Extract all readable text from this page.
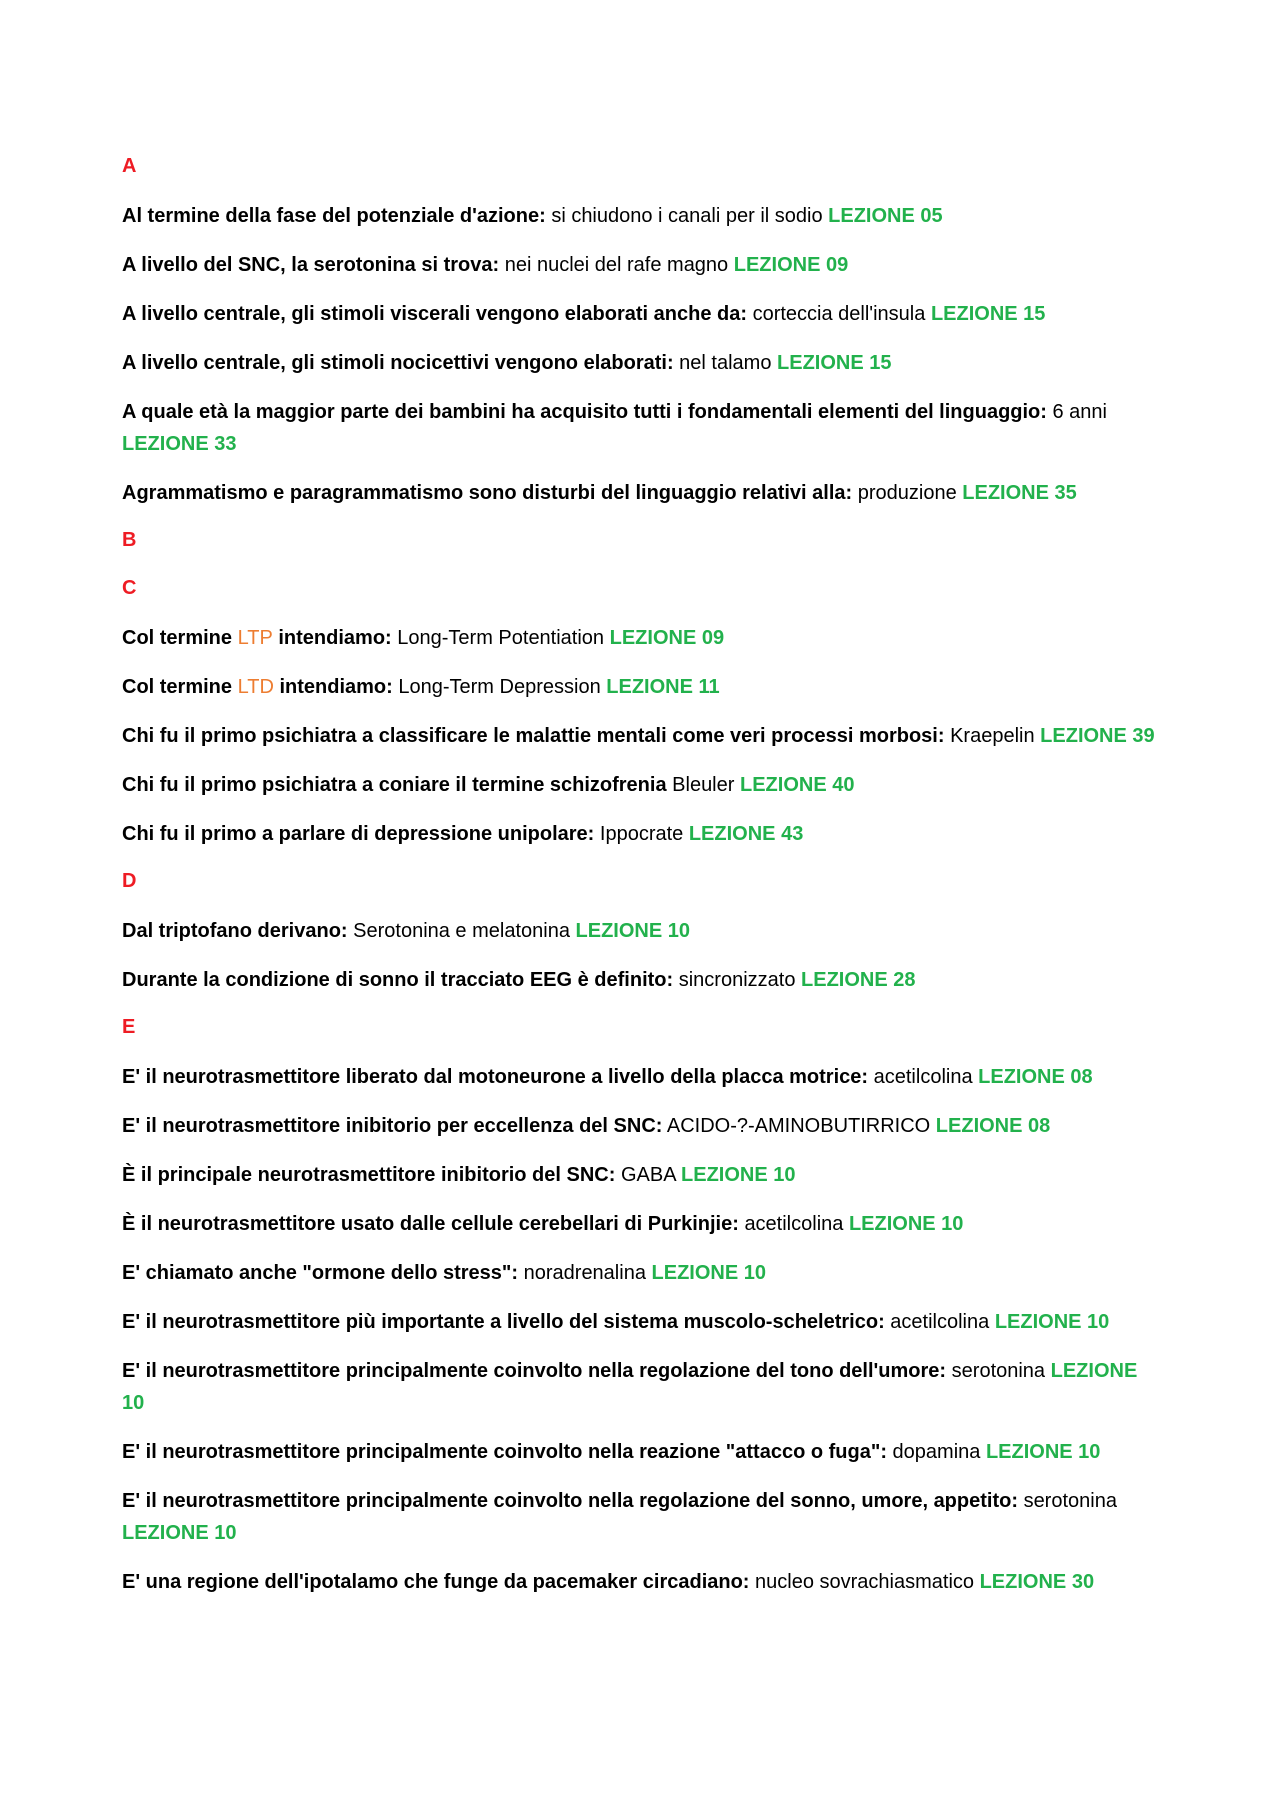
A
Al termine della fase del potenziale d'azione: si chiudono i canali per il sodio LEZIONE 05
A livello del SNC, la serotonina si trova: nei nuclei del rafe magno LEZIONE 09
A livello centrale, gli stimoli viscerali vengono elaborati anche da: corteccia dell'insula LEZIONE 15
A livello centrale, gli stimoli nocicettivi vengono elaborati: nel talamo LEZIONE 15
A quale età la maggior parte dei bambini ha acquisito tutti i fondamentali elementi del linguaggio: 6 anni LEZIONE 33
Agrammatismo e paragrammatismo sono disturbi del linguaggio relativi alla: produzione LEZIONE 35
B
C
Col termine LTP intendiamo: Long-Term Potentiation LEZIONE 09
Col termine LTD intendiamo: Long-Term Depression LEZIONE 11
Chi fu il primo psichiatra a classificare le malattie mentali come veri processi morbosi: Kraepelin LEZIONE 39
Chi fu il primo psichiatra a coniare il termine schizofrenia Bleuler LEZIONE 40
Chi fu il primo a parlare di depressione unipolare: Ippocrate LEZIONE 43
D
Dal triptofano derivano: Serotonina e melatonina LEZIONE 10
Durante la condizione di sonno il tracciato EEG è definito: sincronizzato LEZIONE 28
E
E' il neurotrasmettitore liberato dal motoneurone a livello della placca motrice: acetilcolina LEZIONE 08
E' il neurotrasmettitore inibitorio per eccellenza del SNC: ACIDO-?-AMINOBUTIRRICO LEZIONE 08
È il principale neurotrasmettitore inibitorio del SNC: GABA LEZIONE 10
È il neurotrasmettitore usato dalle cellule cerebellari di Purkinjie: acetilcolina LEZIONE 10
E' chiamato anche "ormone dello stress": noradrenalina LEZIONE 10
E' il neurotrasmettitore più importante a livello del sistema muscolo-scheletrico: acetilcolina LEZIONE 10
E' il neurotrasmettitore principalmente coinvolto nella regolazione del tono dell'umore: serotonina LEZIONE 10
E' il neurotrasmettitore principalmente coinvolto nella reazione "attacco o fuga": dopamina LEZIONE 10
E' il neurotrasmettitore principalmente coinvolto nella regolazione del sonno, umore, appetito: serotonina LEZIONE 10
E' una regione dell'ipotalamo che funge da pacemaker circadiano: nucleo sovrachiasmatico LEZIONE 30
